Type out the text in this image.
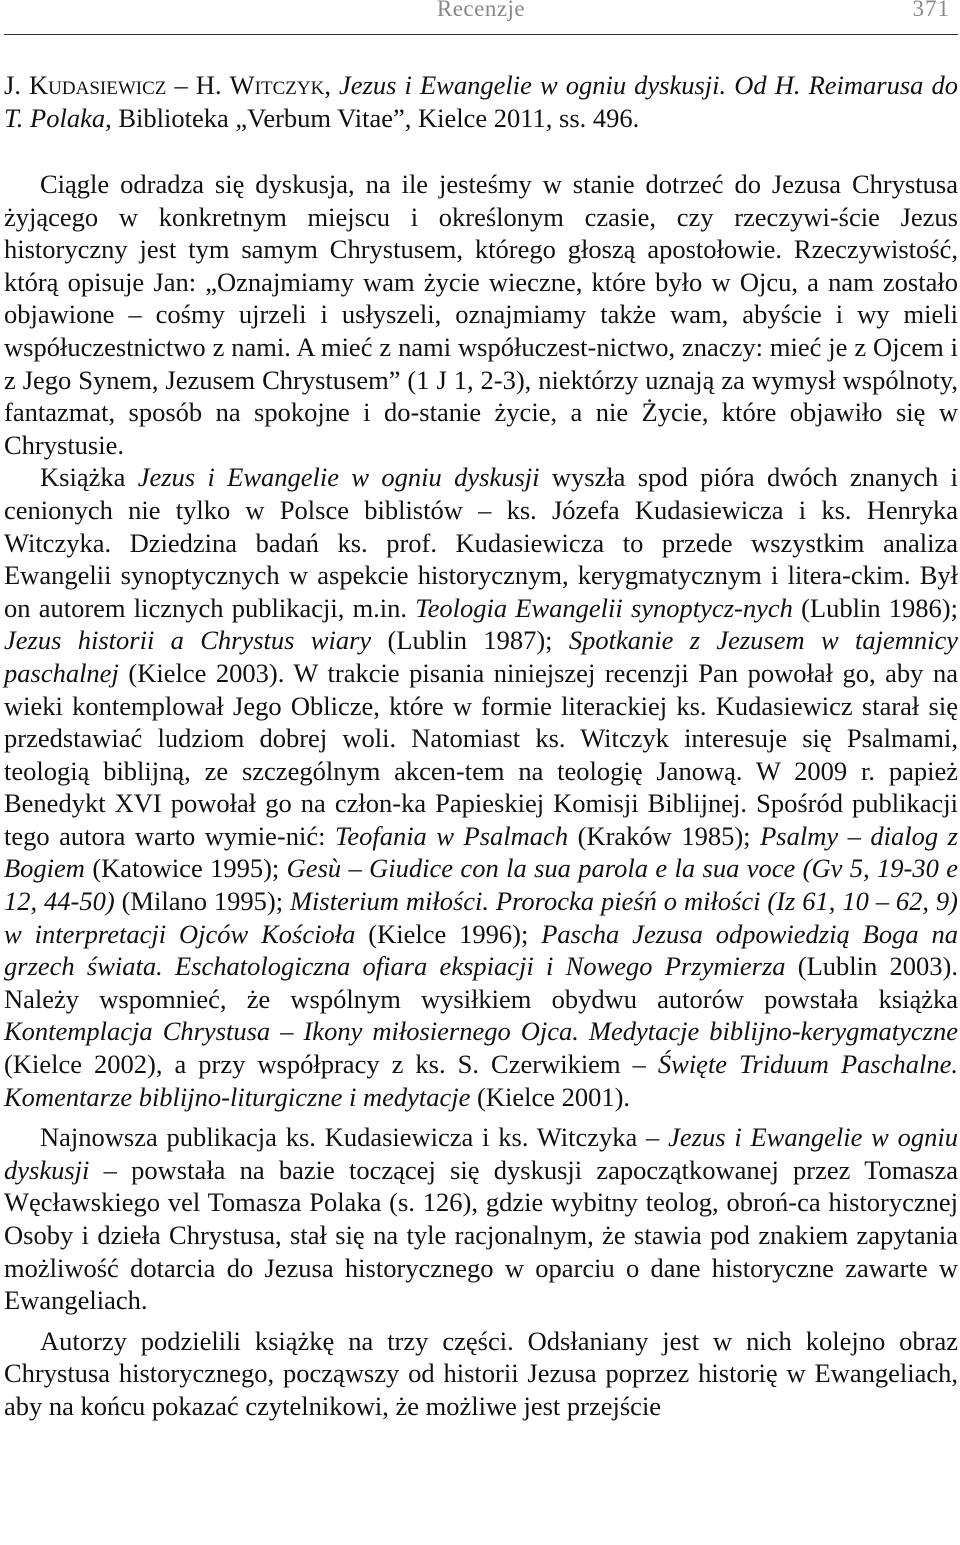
Recenzje	371
J. Kudasiewicz – H. Witczyk, Jezus i Ewangelie w ogniu dyskusji. Od H. Reimarusa do T. Polaka, Biblioteka „Verbum Vitae”, Kielce 2011, ss. 496.

Ciągle odradza się dyskusja, na ile jesteśmy w stanie dotrzeć do Jezusa Chrystusa żyjącego w konkretnym miejscu i określonym czasie, czy rzeczywi-ście Jezus historyczny jest tym samym Chrystusem, którego głoszą apostołowie. Rzeczywistość, którą opisuje Jan: „Oznajmiamy wam życie wieczne, które było w Ojcu, a nam zostało objawione – cośmy ujrzeli i usłyszeli, oznajmiamy także wam, abyście i wy mieli współuczestnictwo z nami. A mieć z nami współuczest-nictwo, znaczy: mieć je z Ojcem i z Jego Synem, Jezusem Chrystusem” (1 J 1, 2-3), niektórzy uznają za wymysł wspólnoty, fantazmat, sposób na spokojne i do-stanie życie, a nie Życie, które objawiło się w Chrystusie.

Książka Jezus i Ewangelie w ogniu dyskusji wyszła spod pióra dwóch znanych i cenionych nie tylko w Polsce biblistów – ks. Józefa Kudasiewicza i ks. Henryka Witczyka. Dziedzina badań ks. prof. Kudasiewicza to przede wszystkim analiza Ewangelii synoptycznych w aspekcie historycznym, kerygmatycznym i litera-ckim. Był on autorem licznych publikacji, m.in. Teologia Ewangelii synoptycz-nych (Lublin 1986); Jezus historii a Chrystus wiary (Lublin 1987); Spotkanie z Jezusem w tajemnicy paschalnej (Kielce 2003). W trakcie pisania niniejszej recenzji Pan powołał go, aby na wieki kontemplował Jego Oblicze, które w formie literackiej ks. Kudasiewicz starał się przedstawiać ludziom dobrej woli. Natomiast ks. Witczyk interesuje się Psalmami, teologią biblijną, ze szczególnym akcen-tem na teologię Janową. W 2009 r. papież Benedykt XVI powołał go na człon-ka Papieskiej Komisji Biblijnej. Spośród publikacji tego autora warto wymie-nić: Teofania w Psalmach (Kraków 1985); Psalmy – dialog z Bogiem (Katowice 1995); Gesù – Giudice con la sua parola e la sua voce (Gv 5, 19-30 e 12, 44-50) (Milano 1995); Misterium miłości. Prorocka pieśń o miłości (Iz 61, 10 – 62, 9) w interpretacji Ojców Kościoła (Kielce 1996); Pascha Jezusa odpowiedzią Boga na grzech świata. Eschatologiczna ofiara ekspiacji i Nowego Przymierza (Lublin 2003). Należy wspomnieć, że wspólnym wysiłkiem obydwu autorów powstała książka Kontemplacja Chrystusa – Ikony miłosiernego Ojca. Medytacje biblijno-kerygmatyczne (Kielce 2002), a przy współpracy z ks. S. Czerwikiem – Święte Triduum Paschalne. Komentarze biblijno-liturgiczne i medytacje (Kielce 2001).

Najnowsza publikacja ks. Kudasiewicza i ks. Witczyka – Jezus i Ewangelie w ogniu dyskusji – powstała na bazie toczącej się dyskusji zapoczątkowanej przez Tomasza Węcławskiego vel Tomasza Polaka (s. 126), gdzie wybitny teolog, obroń-ca historycznej Osoby i dzieła Chrystusa, stał się na tyle racjonalnym, że stawia pod znakiem zapytania możliwość dotarcia do Jezusa historycznego w oparciu o dane historyczne zawarte w Ewangeliach.

Autorzy podzielili książkę na trzy części. Odsłaniany jest w nich kolejno obraz Chrystusa historycznego, począwszy od historii Jezusa poprzez historię w Ewangeliach, aby na końcu pokazać czytelnikowi, że możliwe jest przejście
